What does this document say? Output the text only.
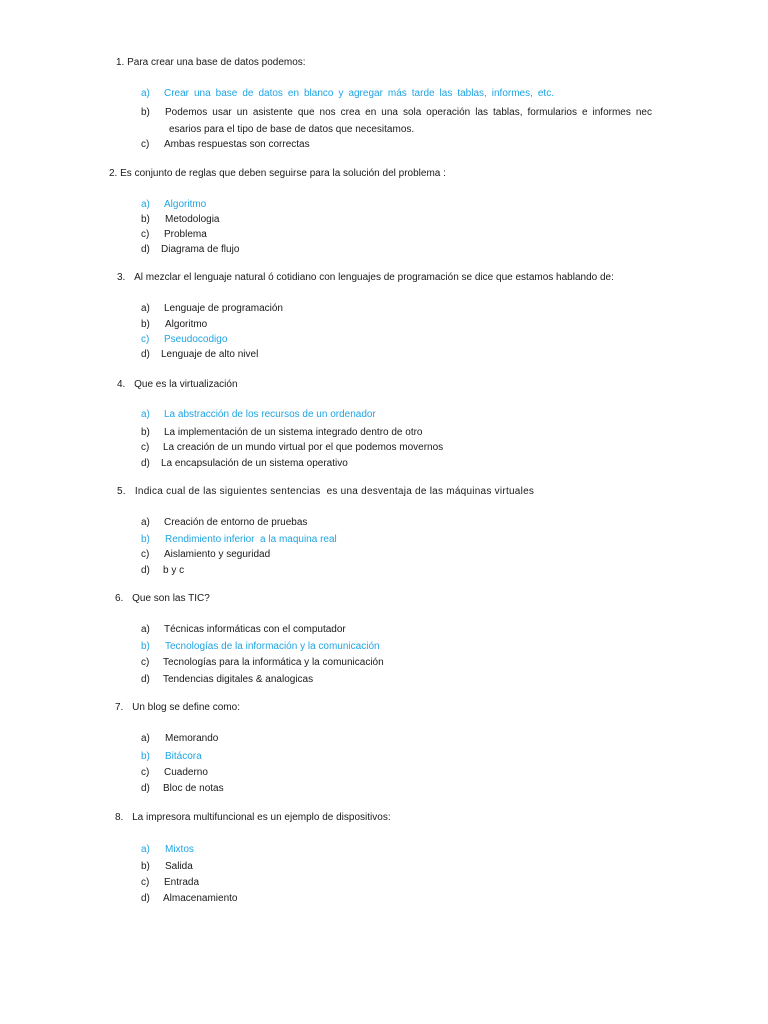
1. Para crear una base de datos podemos:
a) Crear una base de datos en blanco y agregar más tarde las tablas, informes, etc.
b) Podemos usar un asistente que nos crea en una sola operación las tablas, formularios e informes nec
esarios para el tipo de base de datos que necesitamos.
c) Ambas respuestas son correctas
2. Es conjunto de reglas que deben seguirse para la solución del problema :
a) Algoritmo
b) Metodologia
c) Problema
d) Diagrama de flujo
3. Al mezclar el lenguaje natural ó cotidiano con lenguajes de programación se dice que estamos hablando de:
a) Lenguaje de programación
b) Algoritmo
c) Pseudocodigo
d) Lenguaje de alto nivel
4. Que es la virtualización
a) La abstracción de los recursos de un ordenador
b) La implementación de un sistema integrado dentro de otro
c) La creación de un mundo virtual por el que podemos movernos
d) La encapsulación de un sistema operativo
5. Indica cual de las siguientes sentencias  es una desventaja de las máquinas virtuales
a) Creación de entorno de pruebas
b) Rendimiento inferior  a la maquina real
c) Aislamiento y seguridad
d) b y c
6. Que son las TIC?
a) Técnicas informáticas con el computador
b) Tecnologías de la información y la comunicación
c) Tecnologías para la informática y la comunicación
d) Tendencias digitales & analogicas
7. Un blog se define como:
a) Memorando
b) Bitácora
c) Cuaderno
d) Bloc de notas
8. La impresora multifuncional es un ejemplo de dispositivos:
a) Mixtos
b) Salida
c) Entrada
d) Almacenamiento
